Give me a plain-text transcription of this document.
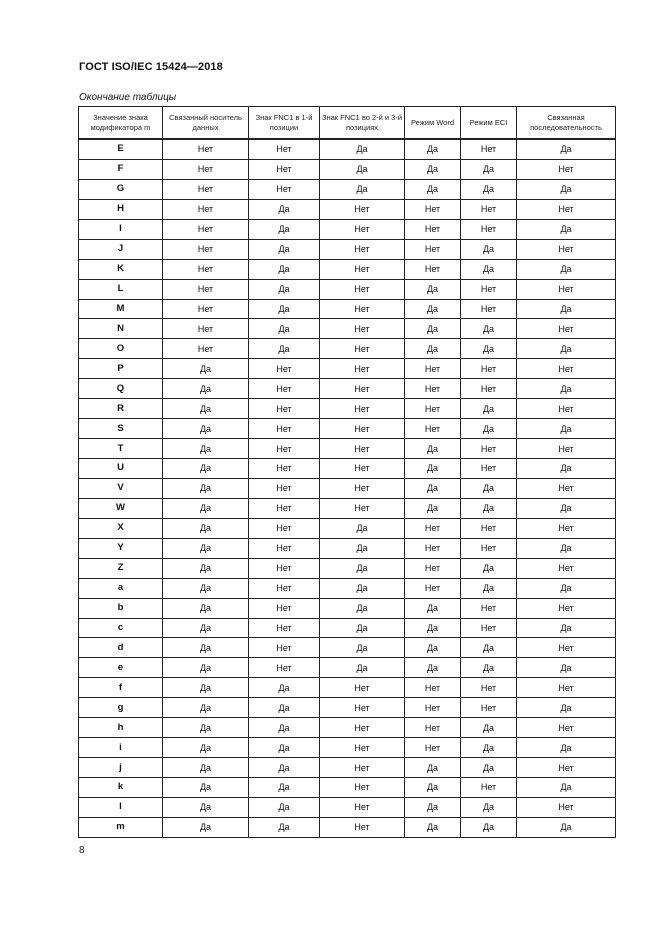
ГОСТ ISO/IEC 15424—2018
Окончание таблицы
Значение знака модификатора m	Связанный носитель данных	Знак FNC1 в 1-й позиции	Знак FNC1 во 2-й и 3-й позициях	Режим Word	Режим ECI	Связанная последовательность
E	Нет	Нет	Да	Да	Нет	Да
F	Нет	Нет	Да	Да	Да	Нет
G	Нет	Нет	Да	Да	Да	Да
H	Нет	Да	Нет	Нет	Нет	Нет
I	Нет	Да	Нет	Нет	Нет	Да
J	Нет	Да	Нет	Нет	Да	Нет
K	Нет	Да	Нет	Нет	Да	Да
L	Нет	Да	Нет	Да	Нет	Нет
M	Нет	Да	Нет	Да	Нет	Да
N	Нет	Да	Нет	Да	Да	Нет
O	Нет	Да	Нет	Да	Да	Да
P	Да	Нет	Нет	Нет	Нет	Нет
Q	Да	Нет	Нет	Нет	Нет	Да
R	Да	Нет	Нет	Нет	Да	Нет
S	Да	Нет	Нет	Нет	Да	Да
T	Да	Нет	Нет	Да	Нет	Нет
U	Да	Нет	Нет	Да	Нет	Да
V	Да	Нет	Нет	Да	Да	Нет
W	Да	Нет	Нет	Да	Да	Да
X	Да	Нет	Да	Нет	Нет	Нет
Y	Да	Нет	Да	Нет	Нет	Да
Z	Да	Нет	Да	Нет	Да	Нет
a	Да	Нет	Да	Нет	Да	Да
b	Да	Нет	Да	Да	Нет	Нет
c	Да	Нет	Да	Да	Нет	Да
d	Да	Нет	Да	Да	Да	Нет
e	Да	Нет	Да	Да	Да	Да
f	Да	Да	Нет	Нет	Нет	Нет
g	Да	Да	Нет	Нет	Нет	Да
h	Да	Да	Нет	Нет	Да	Нет
i	Да	Да	Нет	Нет	Да	Да
j	Да	Да	Нет	Да	Да	Нет
k	Да	Да	Нет	Да	Нет	Да
l	Да	Да	Нет	Да	Да	Нет
m	Да	Да	Нет	Да	Да	Да
8
